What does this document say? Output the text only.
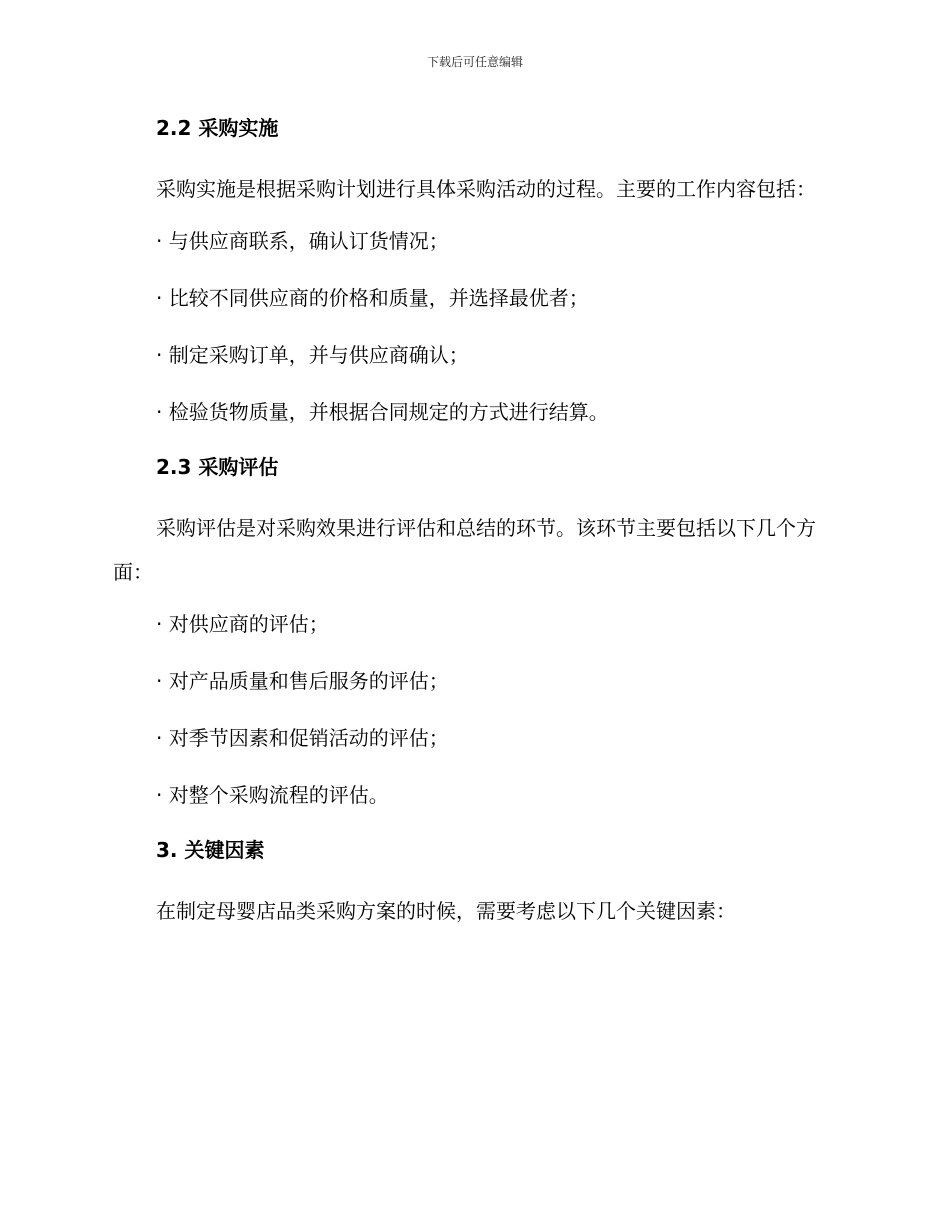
下载后可任意编辑
2.2 采购实施
采购实施是根据采购计划进行具体采购活动的过程。主要的工作内容包括：
· 与供应商联系，确认订货情况；
· 比较不同供应商的价格和质量，并选择最优者；
· 制定采购订单，并与供应商确认；
· 检验货物质量，并根据合同规定的方式进行结算。
2.3 采购评估
采购评估是对采购效果进行评估和总结的环节。该环节主要包括以下几个方面：
· 对供应商的评估；
· 对产品质量和售后服务的评估；
· 对季节因素和促销活动的评估；
· 对整个采购流程的评估。
3. 关键因素
在制定母婴店品类采购方案的时候，需要考虑以下几个关键因素：
